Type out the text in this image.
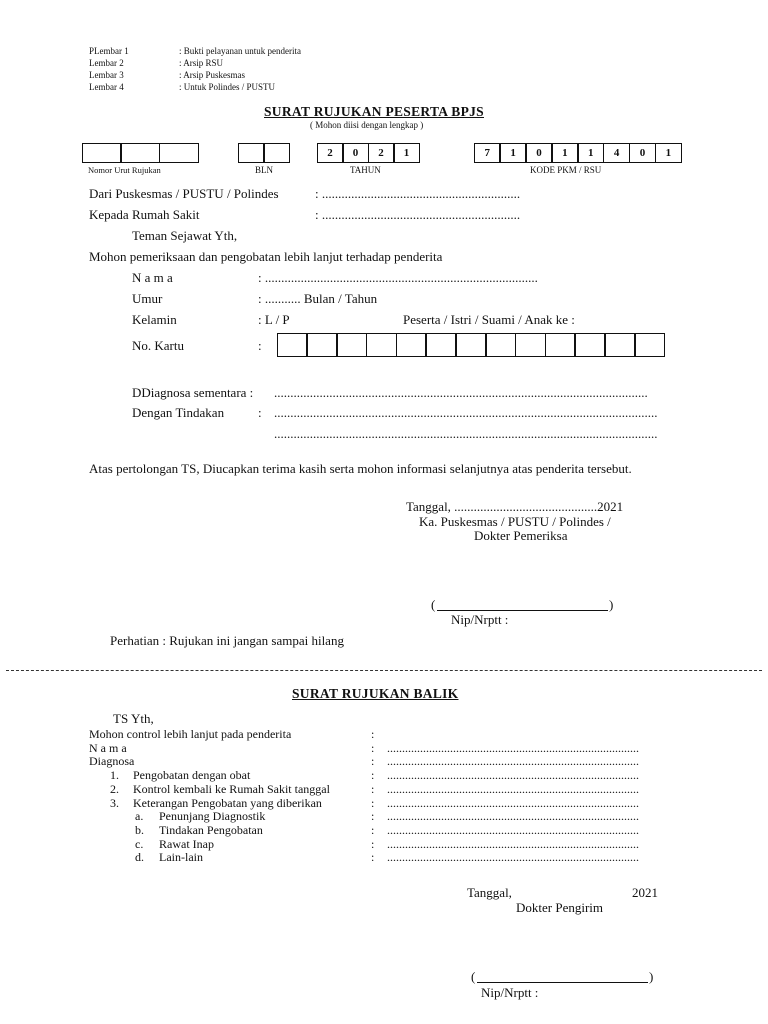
PLembar 1	: Bukti pelayanan untuk penderita
Lembar 2	: Arsip RSU
Lembar 3	: Arsip Puskesmas
Lembar 4	: Untuk Polindes / PUSTU
SURAT RUJUKAN PESERTA BPJS
( Mohon diisi dengan lengkap )
2	0	2	1	7	1	0	1	1	4	0	1
Nomor Urut Rujukan	BLN	TAHUN	KODE PKM / RSU
Dari Puskesmas / PUSTU / Polindes	: .............................................................
Kepada Rumah Sakit	: .............................................................
Teman Sejawat Yth,
Mohon pemeriksaan dan pengobatan lebih lanjut terhadap penderita
N a m a	: ....................................................................................
Umur	: ........... Bulan / Tahun
Kelamin	: L / P	Peserta / Istri / Suami / Anak ke :
No. Kartu	:
DDiagnosa sementara : ...................................................................................................................
Dengan Tindakan	: ......................................................................................................................
......................................................................................................................
Atas pertolongan TS, Diucapkan terima kasih serta mohon informasi selanjutnya atas penderita tersebut.
Tanggal, ............................................2021
Ka. Puskesmas / PUSTU / Polindes /
Dokter Pemeriksa
(	)
Nip/Nrptt :
Perhatian : Rujukan ini jangan sampai hilang
SURAT RUJUKAN BALIK
TS Yth,
Mohon control lebih lanjut pada penderita	:
N a m a	: ....................................................................................
Diagnosa	: ....................................................................................
1. Pengobatan dengan obat	: ....................................................................................
2. Kontrol kembali ke Rumah Sakit tanggal	: ....................................................................................
3. Keterangan Pengobatan yang diberikan	: ....................................................................................
a. Penunjang Diagnostik	: ....................................................................................
b. Tindakan Pengobatan	: ....................................................................................
c. Rawat Inap	: ....................................................................................
d. Lain-lain	: ....................................................................................
Tanggal,	2021
Dokter Pengirim
(	)
Nip/Nrptt :
